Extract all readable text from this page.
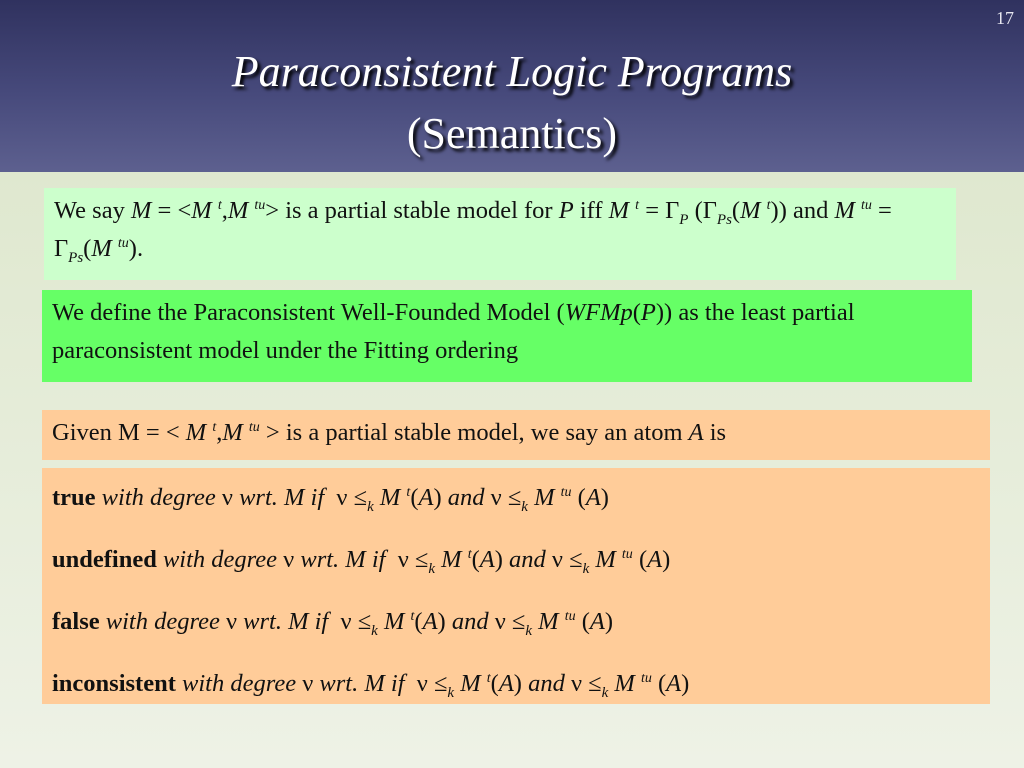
17
Paraconsistent Logic Programs
(Semantics)
We say M = <M $^t$,M $^{tu}$> is a partial stable model for P iff M $^t = \Gamma_P$ ($\Gamma_{Ps}(M$ $^t$)) and M $^{tu} = \Gamma_{Ps}(M$ $^{tu}$).
We define the Paraconsistent Well-Founded Model (WFMp(P)) as the least partial paraconsistent model under the Fitting ordering
Given M = < M $^t$,M $^{tu}$ > is a partial stable model, we say an atom A is
true with degree ν wrt. M if  $\nu \le_k$ M $^t$(A) and $\nu \le_k$ M $^{tu}$ (A)
undefined with degree ν wrt. M if  $\nu \le_k$ M $^t$(A) and $\nu \le_k$ M $^{tu}$ (A)
false with degree ν wrt. M if  $\nu \le_k$ M $^t$(A) and $\nu \le_k$ M $^{tu}$ (A)
inconsistent with degree ν wrt. M if  $\nu \le_k$ M $^t$(A) and $\nu \le_k$ M $^{tu}$ (A)
